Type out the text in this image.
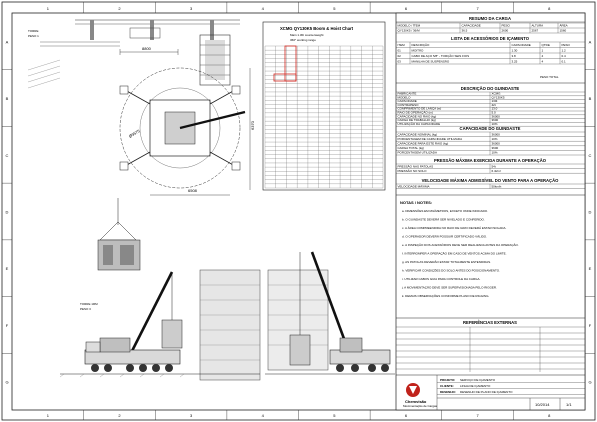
1
1
2
2
3
3
4
4
5
5
6
6
7
7
8
8
A	A
B	B
C	C
D	D
E	E
F	F
G	G
TORRE
PESO 1
8800
6370
Ø9575
6508
XCMG QY130K5 Boom & Hoist Chart
Main 1.30t counterweight
360° working range
TORRE 1RM
PESO 3
RESUMO DA CARGA
MODELO / ÍTEM	CAPACIDADE	PESO	ALTURA	ÁREA
QY130K5 / 36/M	36.5	2600	2567	1560
LISTA DE ACESSÓRIOS DE IÇAMENTO
ITEM DESCRIÇÃO	CAPACIDADE	QTDE	PESO
01	MOITÃO	1.30	1	1.2
02	CABO DE AÇO 5/8" - TORÇÃO SEIS FIOS	3.8	4	0.4
03	MANILHA DE SUSPENSÃO	3.25	4	0.1
PESO TOTAL
DESCRIÇÃO DO GUINDASTE
FABRICANTE	XCMG
MODELO	QY130K5
CAPACIDADE	130t
CONTRAPESO	42t
COMPRIMENTO DE LANÇA (m)	13.0
RAIO DE OPERAÇÃO (m)	5.0
CAPACIDADE NO RAIO (kg)	36000
CARGA DE TRABALHO (kg)	3600
UTILIZAÇÃO DA CAPACIDADE	10%
CAPACIDADE DO GUINDASTE
CAPACIDADE NOMINAL (kg)	36000
PORCENTAGEM DE CAPACIDADE UTILIZADA	10%
CAPACIDADE PARA ESTE RAIO (kg)	36000
CARGA TOTAL (kg)	3600
PORCENTAGEM UTILIZADA	10%
PRESSÃO MÁXIMA EXERCIDA DURANTE A OPERAÇÃO
PRESSÃO NAS PATOLAS	54t
PRESSÃO NO SOLO	6.4t/m²
VELOCIDADE MÁXIMA ADMISSÍVEL DO VENTO PARA A OPERAÇÃO
VELOCIDADE MÁXIMA	50km/h
NOTAS / NOTES:
a. DIMENSÕES EM MILÍMETROS, EXCETO ONDE INDICADO.
b. O GUINDASTE DEVERÁ SER NIVELADO E CONFERIDO.
c. A ÁREA COMPREENDIDA NO RAIO DE GIRO DEVERÁ ESTAR ISOLADA.
d. O OPERADOR DEVERÁ POSSUIR CERTIFICADO VÁLIDO.
e. A INSPEÇÃO DOS ACESSÓRIOS DEVE SER REALIZADA ANTES DA OPERAÇÃO.
f. INTERROMPER A OPERAÇÃO EM CASO DE VENTOS ACIMA DO LIMITE.
g. AS PATOLAS DEVERÃO ESTAR TOTALMENTE ESTENDIDAS.
h. VERIFICAR CONDIÇÕES DO SOLO ANTES DO POSICIONAMENTO.
i. UTILIZAR CABOS GUIA PARA CONTROLE DA CARGA.
j. A MOVIMENTAÇÃO DEVE SER SUPERVISIONADA PELO RIGGER.
k. DEMAIS OBSERVAÇÕES CONFORME PLANO DE RIGGING.
REFERÊNCIAS EXTERNAS
Chemvisão
Movimentação de Cargas
PROJETO: SERVIÇO DE IÇAMENTO
CLIENTE: LINHA DE IÇAMENTO
DESENHO: DESENHO DE PLANO DE IÇAMENTO
10/2014	1/1
